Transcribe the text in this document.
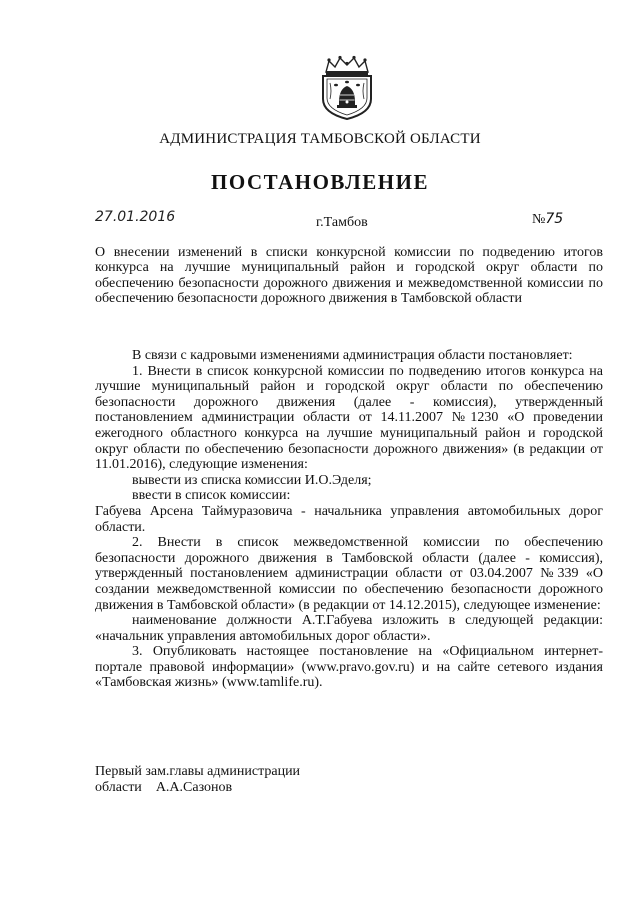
АДМИНИСТРАЦИЯ ТАМБОВСКОЙ ОБЛАСТИ
ПОСТАНОВЛЕНИЕ
27.01.2016	г.Тамбов	№75
О внесении изменений в списки конкурсной комиссии по подведению итогов конкурса на лучшие муниципальный район и городской округ области по обеспечению безопасности дорожного движения и межведомственной комиссии по обеспечению безопасности дорожного движения в Тамбовской области

В связи с кадровыми изменениями администрация области постановляет:

1. Внести в список конкурсной комиссии по подведению итогов конкурса на лучшие муниципальный район и городской округ области по обеспечению безопасности дорожного движения (далее - комиссия), утвержденный постановлением администрации области от 14.11.2007 №1230 «О проведении ежегодного областного конкурса на лучшие муниципальный район и городской округ области по обеспечению безопасности дорожного движения» (в редакции от 11.01.2016), следующие изменения:

вывести из списка комиссии И.О.Эделя;

ввести в список комиссии:

Габуева Арсена Таймуразовича - начальника управления автомобильных дорог области.

2. Внести в список межведомственной комиссии по обеспечению безопасности дорожного движения в Тамбовской области (далее - комиссия), утвержденный постановлением администрации области от 03.04.2007 №339 «О создании межведомственной комиссии по обеспечению безопасности дорожного движения в Тамбовской области» (в редакции от 14.12.2015), следующее изменение:

наименование должности А.Т.Габуева изложить в следующей редакции: «начальник управления автомобильных дорог области».

3. Опубликовать настоящее постановление на «Официальном интернет-портале правовой информации» (www.pravo.gov.ru) и на сайте сетевого издания «Тамбовская жизнь» (www.tamlife.ru).

Первый зам.главы администрации
области А.А.Сазонов
